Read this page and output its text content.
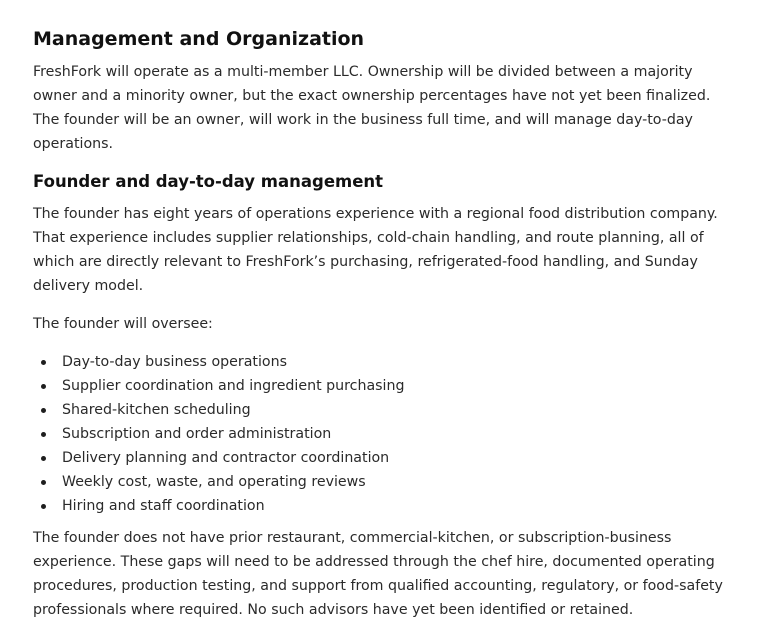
Management and Organization

FreshFork will operate as a multi-member LLC. Ownership will be divided between a majority owner and a minority owner, but the exact ownership percentages have not yet been finalized. The founder will be an owner, will work in the business full time, and will manage day-to-day operations.

Founder and day-to-day management

The founder has eight years of operations experience with a regional food distribution company. That experience includes supplier relationships, cold-chain handling, and route planning, all of which are directly relevant to FreshFork’s purchasing, refrigerated-food handling, and Sunday delivery model.

The founder will oversee:

Day-to-day business operations
Supplier coordination and ingredient purchasing
Shared-kitchen scheduling
Subscription and order administration
Delivery planning and contractor coordination
Weekly cost, waste, and operating reviews
Hiring and staff coordination

The founder does not have prior restaurant, commercial-kitchen, or subscription-business experience. These gaps will need to be addressed through the chef hire, documented operating procedures, production testing, and support from qualified accounting, regulatory, or food-safety professionals where required. No such advisors have yet been identified or retained.
